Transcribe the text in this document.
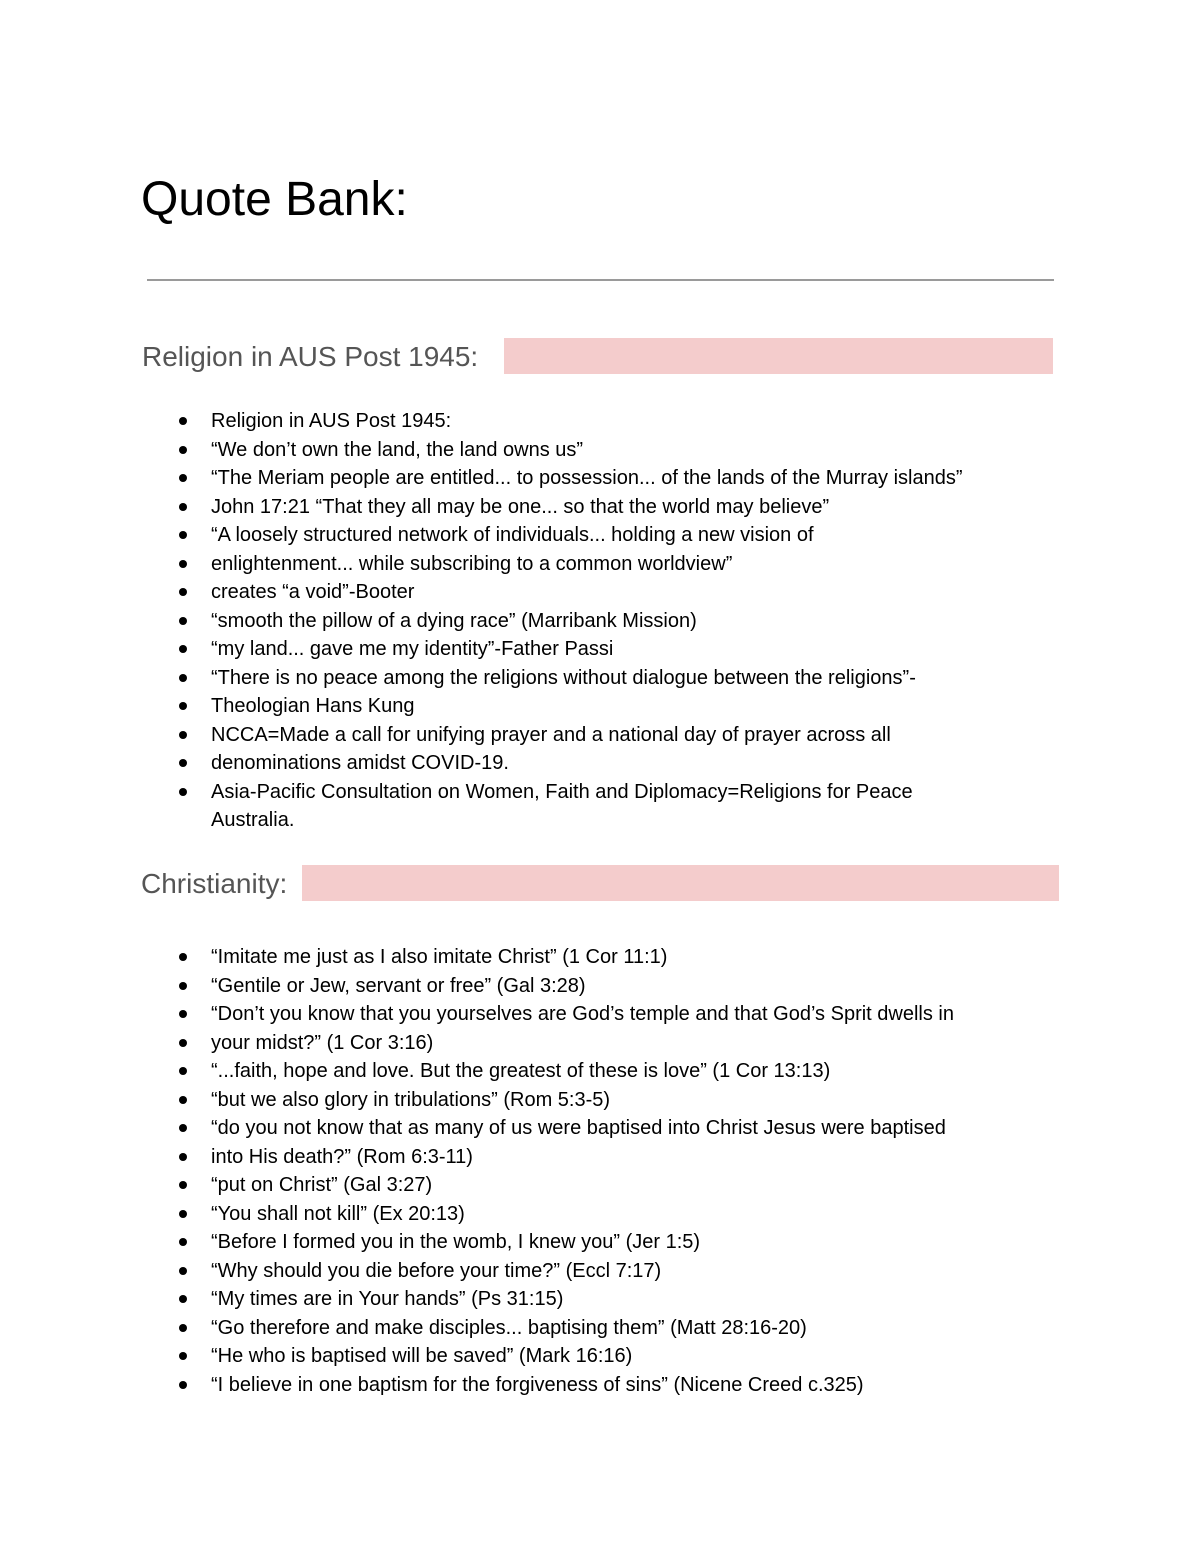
Quote Bank:
Religion in AUS Post 1945:
Religion in AUS Post 1945:
“We don’t own the land, the land owns us”
“The Meriam people are entitled... to possession... of the lands of the Murray islands”
John 17:21 “That they all may be one... so that the world may believe”
“A loosely structured network of individuals... holding a new vision of
enlightenment... while subscribing to a common worldview”
creates “a void”-Booter
“smooth the pillow of a dying race” (Marribank Mission)
“my land... gave me my identity”-Father Passi
“There is no peace among the religions without dialogue between the religions”-
Theologian Hans Kung
NCCA=Made a call for unifying prayer and a national day of prayer across all
denominations amidst COVID-19.
Asia-Pacific Consultation on Women, Faith and Diplomacy=Religions for Peace Australia.
Christianity:
“Imitate me just as I also imitate Christ” (1 Cor 11:1)
“Gentile or Jew, servant or free” (Gal 3:28)
“Don’t you know that you yourselves are God’s temple and that God’s Sprit dwells in
your midst?” (1 Cor 3:16)
“...faith, hope and love. But the greatest of these is love” (1 Cor 13:13)
“but we also glory in tribulations” (Rom 5:3-5)
“do you not know that as many of us were baptised into Christ Jesus were baptised
into His death?” (Rom 6:3-11)
“put on Christ” (Gal 3:27)
“You shall not kill” (Ex 20:13)
“Before I formed you in the womb, I knew you” (Jer 1:5)
“Why should you die before your time?” (Eccl 7:17)
“My times are in Your hands” (Ps 31:15)
“Go therefore and make disciples... baptising them” (Matt 28:16-20)
“He who is baptised will be saved” (Mark 16:16)
“I believe in one baptism for the forgiveness of sins” (Nicene Creed c.325)
